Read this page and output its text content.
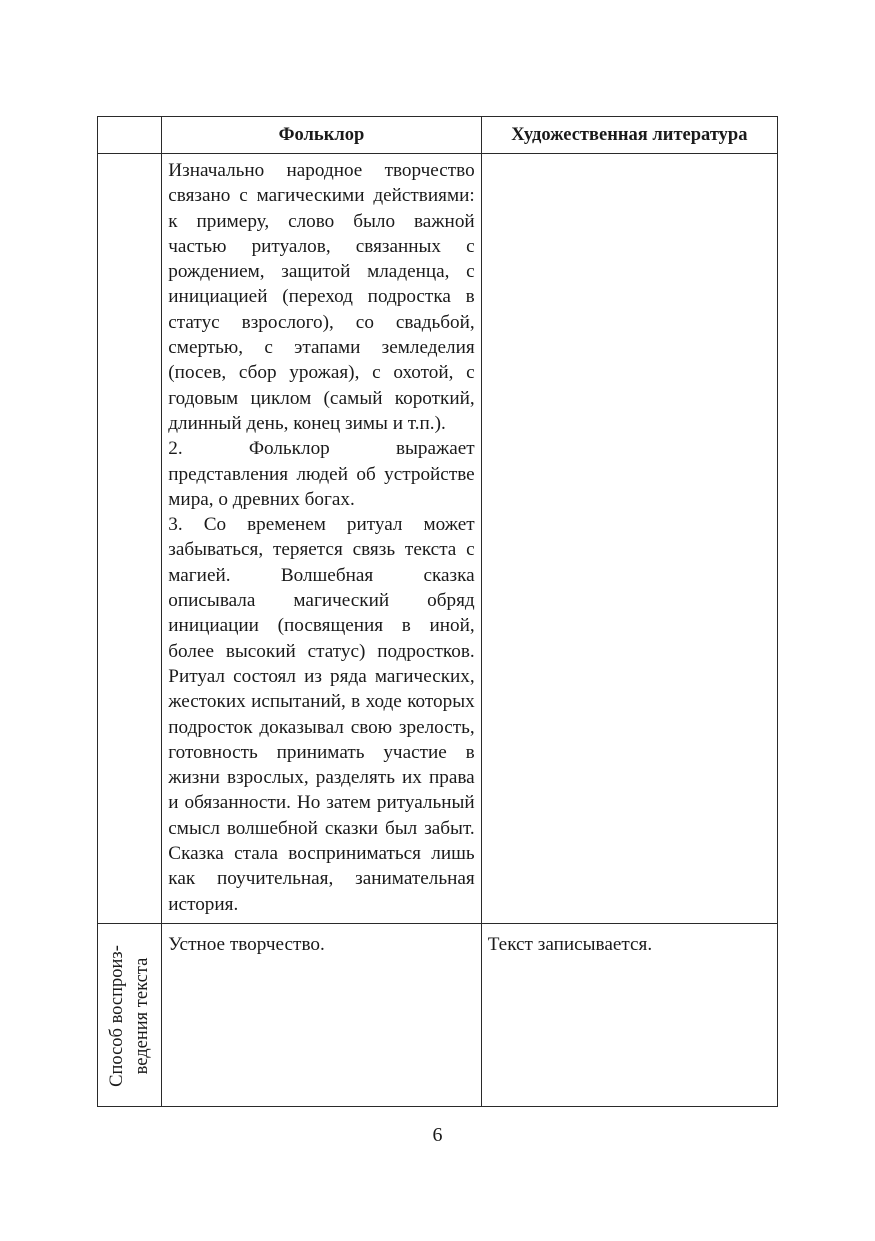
	Фольклор	Художественная литература

	Изначально народное творчество связано с магическими действиями: к примеру, слово было важной частью ритуалов, связанных с рождением, защитой младенца, с инициацией (переход подростка в статус взрослого), со свадьбой, смертью, с этапами земледелия (посев, сбор урожая), с охотой, с годовым циклом (самый короткий, длинный день, конец зимы и т.п.).

2. Фольклор выражает представления людей об устройстве мира, о древних богах.

3. Со временем ритуал может забываться, теряется связь текста с магией. Волшебная сказка описывала магический обряд инициации (посвящения в иной, более высокий статус) подростков. Ритуал состоял из ряда магических, жестоких испытаний, в ходе которых подросток доказывал свою зрелость, готовность принимать участие в жизни взрослых, разделять их права и обязанности. Но затем ритуальный смысл волшебной сказки был забыт. Сказка стала восприниматься лишь как поучительная, занимательная история.	

Способ воспроиз- ведения текста	Устное творчество.	Текст записывается.
6
